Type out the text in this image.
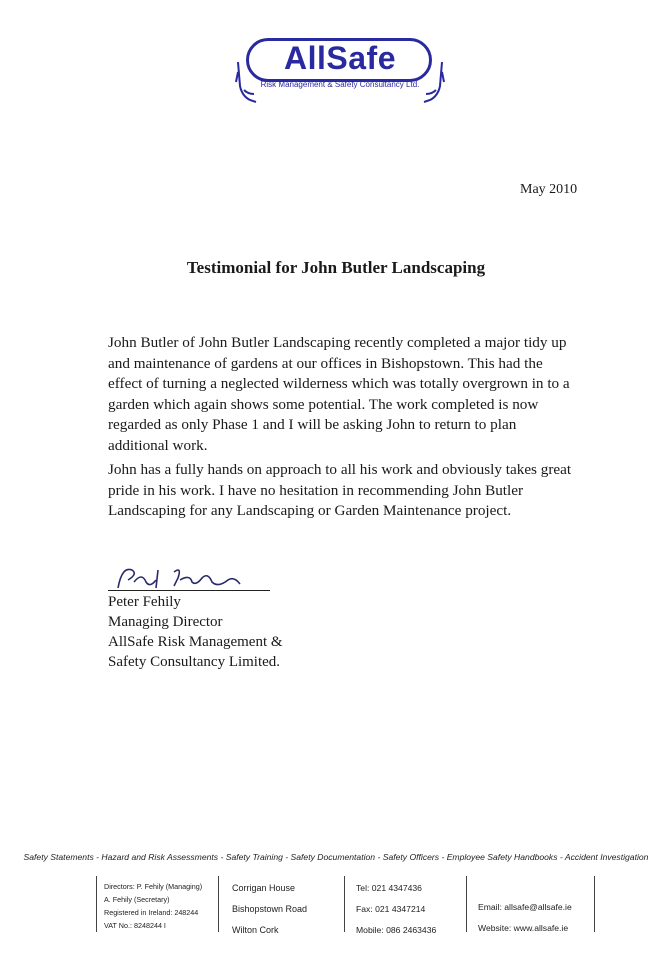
AllSafe
Risk Management & Safety Consultancy Ltd.
May 2010
Testimonial for John Butler Landscaping

John Butler of John Butler Landscaping recently completed a major tidy up and maintenance of gardens at our offices in Bishopstown. This had the effect of turning a neglected wilderness which was totally overgrown in to a garden which again shows some potential. The work completed is now regarded as only Phase 1 and I will be asking John to return to plan additional work.

John has a fully hands on approach to all his work and obviously takes great pride in his work. I have no hesitation in recommending John Butler Landscaping for any Landscaping or Garden Maintenance project.

Peter Fehily
Managing Director
AllSafe Risk Management &
Safety Consultancy Limited.
Safety Statements - Hazard and Risk Assessments - Safety Training - Safety Documentation - Safety Officers - Employee Safety Handbooks - Accident Investigation
Directors: P. Fehily (Managing)
A. Fehily (Secretary)
Registered in Ireland: 248244
VAT No.: 8248244 I
Corrigan House
Bishopstown Road
Wilton Cork
Tel: 021 4347436
Fax: 021 4347214
Mobile: 086 2463436
Email: allsafe@allsafe.ie
Website: www.allsafe.ie
